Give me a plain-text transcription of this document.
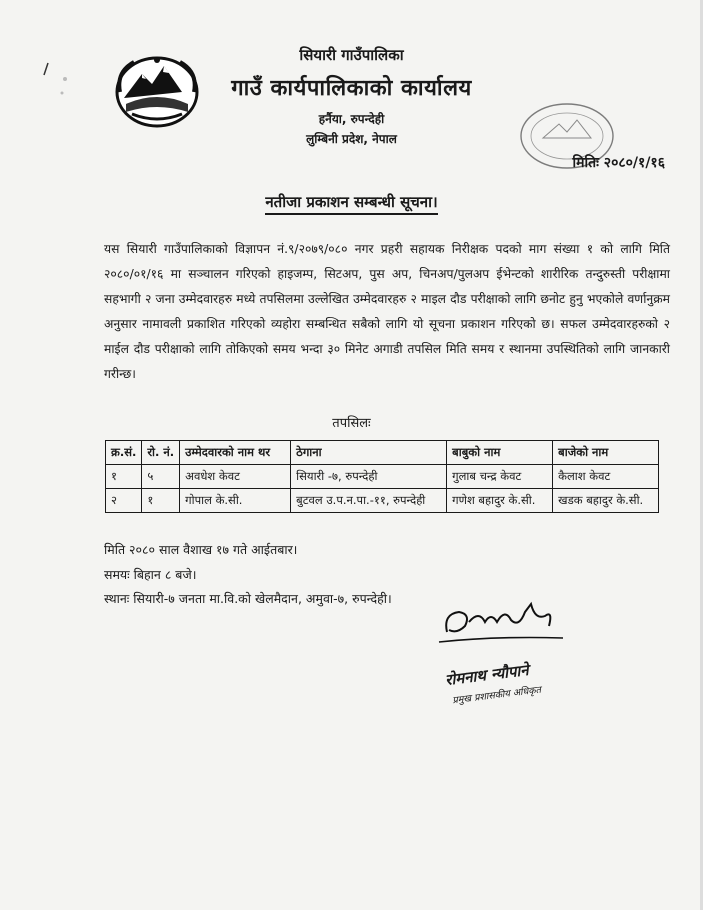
सियारी गाउँपालिका
गाउँ कार्यपालिकाको कार्यालय
हर्नैया, रुपन्देही
लुम्बिनी प्रदेश, नेपाल
मितिः २०८०/१/१६
नतीजा प्रकाशन सम्बन्धी सूचना।
यस सियारी गाउँपालिकाको विज्ञापन नं.९/२०७९/०८० नगर प्रहरी सहायक निरीक्षक पदको माग संख्या १ को लागि मिति २०८०/०१/१६ मा सञ्चालन गरिएको हाइजम्प, सिटअप, पुस अप, चिनअप/पुलअप ईभेन्टको शारीरिक तन्दुरुस्ती परीक्षामा सहभागी २ जना उम्मेदवारहरु मध्ये तपसिलमा उल्लेखित उम्मेदवारहरु २ माइल दौड परीक्षाको लागि छनोट हुनु भएकोले वर्णानुक्रम अनुसार नामावली प्रकाशित गरिएको व्यहोरा सम्बन्धित सबैको लागि यो सूचना प्रकाशन गरिएको छ। सफल उम्मेदवारहरुको २ माईल दौड परीक्षाको लागि तोकिएको समय भन्दा ३० मिनेट अगाडी तपसिल मिति समय र स्थानमा उपस्थितिको लागि जानकारी गरीन्छ।
तपसिलः
क्र.सं.	रो. नं.	उम्मेदवारको नाम थर	ठेगाना	बाबुको नाम	बाजेको नाम
१	५	अवधेश केवट	सियारी -७, रुपन्देही	गुलाब चन्द्र केवट	कैलाश केवट
२	१	गोपाल के.सी.	बुटवल उ.प.न.पा.-११, रुपन्देही	गणेश बहादुर के.सी.	खडक बहादुर के.सी.
मिति २०८० साल वैशाख १७ गते आईतबार।
समयः बिहान ८ बजे।
स्थानः सियारी-७ जनता मा.वि.को खेलमैदान, अमुवा-७, रुपन्देही।
रोमनाथ न्यौपाने
प्रमुख प्रशासकीय अधिकृत
